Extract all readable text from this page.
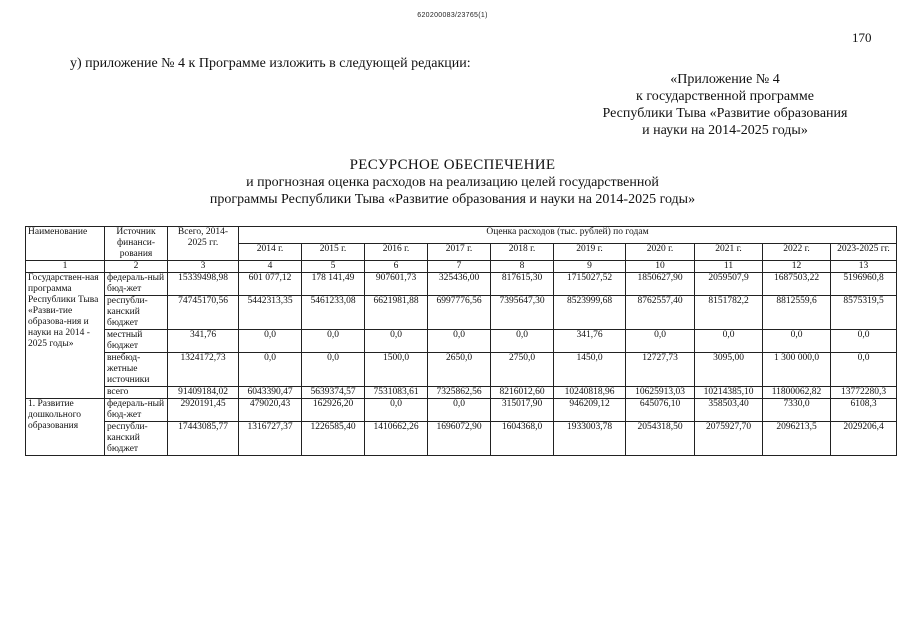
620200083/23765(1)
170
у) приложение № 4 к Программе изложить в следующей редакции:
«Приложение № 4
к государственной программе
Республики Тыва «Развитие образования
и науки на 2014-2025 годы»
РЕСУРСНОЕ ОБЕСПЕЧЕНИЕ
и прогнозная оценка расходов на реализацию целей государственной
программы Республики Тыва «Развитие образования и науки на 2014-2025 годы»
Наименование	Источник финанси-рования	Всего, 2014-2025 гг.	Оценка расходов (тыс. рублей) по годам									
			2014 г.	2015 г.	2016 г.	2017 г.	2018 г.	2019 г.	2020 г.	2021 г.	2022 г.	2023-2025 гг.
1	2	3	4	5	6	7	8	9	10	11	12	13
Государствен-ная программа Республики Тыва «Разви-тие образова-ния и науки на 2014 - 2025 годы»	федераль-ный бюд-жет	15339498,98	601 077,12	178 141,49	907601,73	325436,00	817615,30	1715027,52	1850627,90	2059507,9	1687503,22	5196960,8
	республи-канский бюджет	74745170,56	5442313,35	5461233,08	6621981,88	6997776,56	7395647,30	8523999,68	8762557,40	8151782,2	8812559,6	8575319,5
	местный бюджет	341,76	0,0	0,0	0,0	0,0	0,0	341,76	0,0	0,0	0,0	0,0
	внебюд-жетные источники	1324172,73	0,0	0,0	1500,0	2650,0	2750,0	1450,0	12727,73	3095,00	1 300 000,0	0,0
	всего	91409184,02	6043390,47	5639374,57	7531083,61	7325862,56	8216012,60	10240818,96	10625913,03	10214385,10	11800062,82	13772280,3
1. Развитие дошкольного образования	федераль-ный бюд-жет	2920191,45	479020,43	162926,20	0,0	0,0	315017,90	946209,12	645076,10	358503,40	7330,0	6108,3
	республи-канский бюджет	17443085,77	1316727,37	1226585,40	1410662,26	1696072,90	1604368,0	1933003,78	2054318,50	2075927,70	2096213,5	2029206,4
